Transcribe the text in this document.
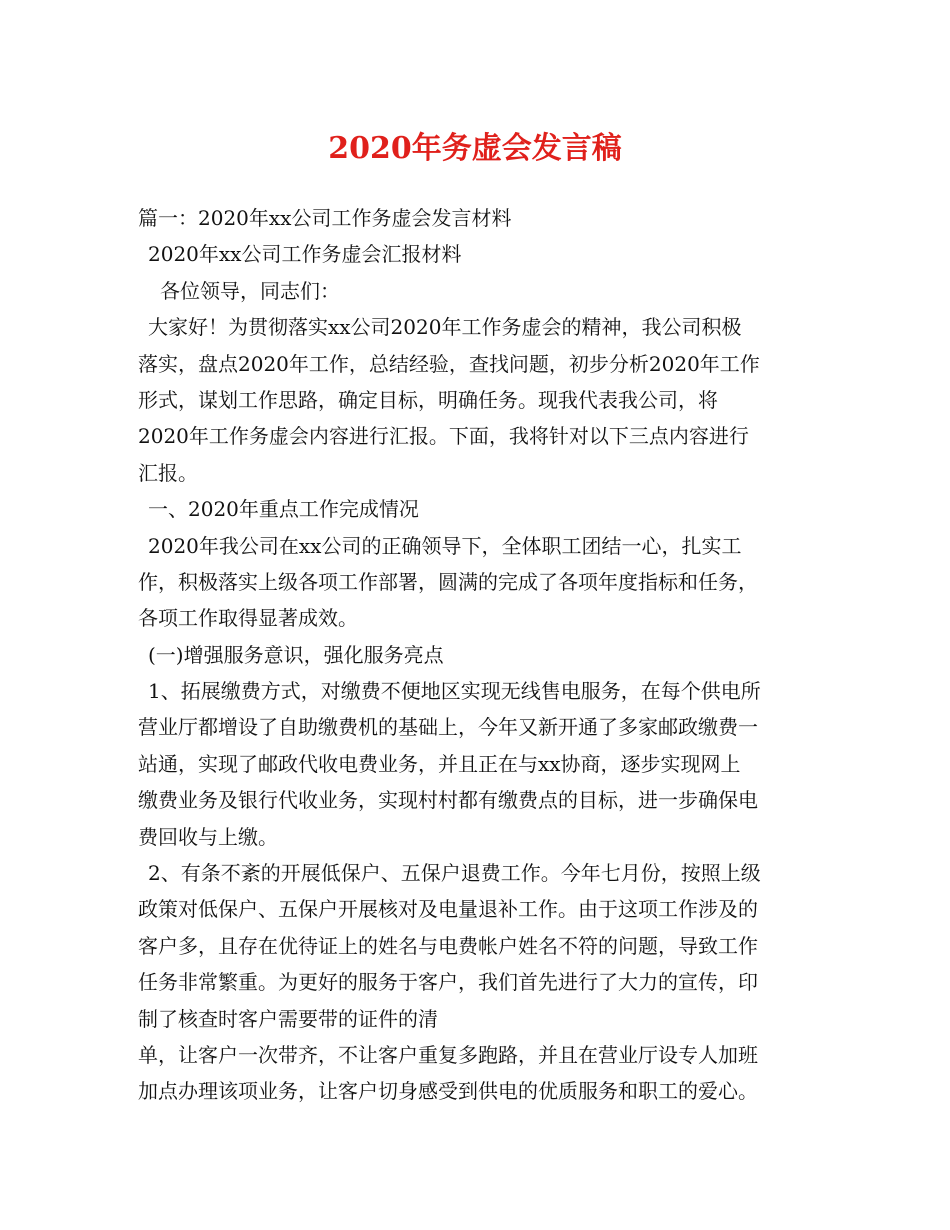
2020年务虚会发言稿
篇一：2020年xx公司工作务虚会发言材料
2020年xx公司工作务虚会汇报材料
各位领导，同志们：
大家好！为贯彻落实xx公司2020年工作务虚会的精神，我公司积极
落实，盘点2020年工作，总结经验，查找问题，初步分析2020年工作
形式，谋划工作思路，确定目标，明确任务。现我代表我公司，将
2020年工作务虚会内容进行汇报。下面，我将针对以下三点内容进行
汇报。
一、2020年重点工作完成情况
2020年我公司在xx公司的正确领导下，全体职工团结一心，扎实工
作，积极落实上级各项工作部署，圆满的完成了各项年度指标和任务，
各项工作取得显著成效。
(一)增强服务意识，强化服务亮点
1、拓展缴费方式，对缴费不便地区实现无线售电服务，在每个供电所
营业厅都增设了自助缴费机的基础上，今年又新开通了多家邮政缴费一
站通，实现了邮政代收电费业务，并且正在与xx协商，逐步实现网上
缴费业务及银行代收业务，实现村村都有缴费点的目标，进一步确保电
费回收与上缴。
2、有条不紊的开展低保户、五保户退费工作。今年七月份，按照上级
政策对低保户、五保户开展核对及电量退补工作。由于这项工作涉及的
客户多，且存在优待证上的姓名与电费帐户姓名不符的问题，导致工作
任务非常繁重。为更好的服务于客户，我们首先进行了大力的宣传，印
制了核查时客户需要带的证件的清
单，让客户一次带齐，不让客户重复多跑路，并且在营业厅设专人加班
加点办理该项业务，让客户切身感受到供电的优质服务和职工的爱心。
